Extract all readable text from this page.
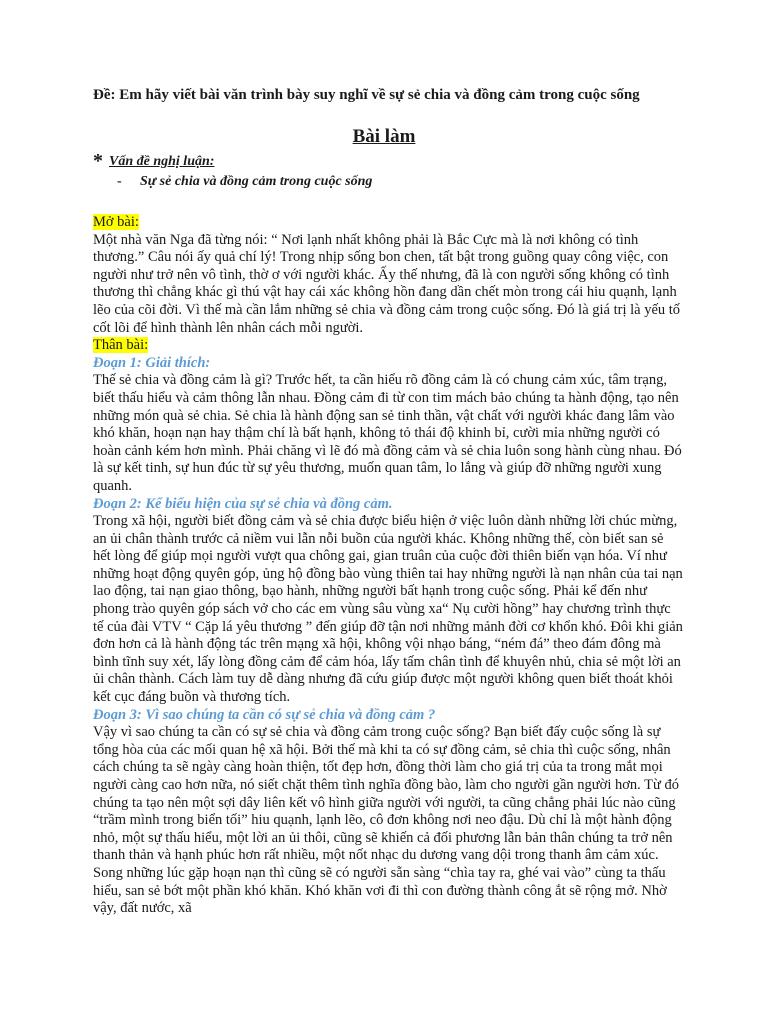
Đề: Em hãy viết bài văn trình bày suy nghĩ về sự sẻ chia và đồng cảm trong cuộc sống
Bài làm
* Vấn đề nghị luận:
- Sự sẻ chia và đồng cảm trong cuộc sống

Mở bài:

Một nhà văn Nga đã từng nói: “ Nơi lạnh nhất không phải là Bắc Cực mà là nơi không có tình thương.” Câu nói ấy quả chí lý! Trong nhịp sống bon chen, tất bật trong guồng quay công việc, con người như trở nên vô tình, thờ ơ với người khác. Ấy thế nhưng, đã là con người sống không có tình thương thì chẳng khác gì thú vật hay cái xác không hồn đang dần chết mòn trong cái hiu quạnh, lạnh lẽo của cõi đời. Vì thế mà cần lắm những sẻ chia và đồng cảm trong cuộc sống. Đó là giá trị là yếu tố cốt lõi để hình thành lên nhân cách mỗi người.

Thân bài:

Đoạn 1: Giải thích:

Thế sẻ chia và đồng cảm là gì? Trước hết, ta cần hiểu rõ đồng cảm là có chung cảm xúc, tâm trạng, biết thấu hiểu và cảm thông lẫn nhau. Đồng cảm đi từ con tim mách bảo chúng ta hành động, tạo nên những món quà sẻ chia. Sẻ chia là hành động san sẻ tinh thần, vật chất với người khác đang lâm vào khó khăn, hoạn nạn hay thậm chí là bất hạnh, không tỏ thái độ khinh bỉ, cười mỉa những người có hoàn cảnh kém hơn mình. Phải chăng vì lẽ đó mà đồng cảm và sẻ chia luôn song hành cùng nhau. Đó là sự kết tinh, sự hun đúc từ sự yêu thương, muốn quan tâm, lo lắng và giúp đỡ những người xung quanh.

Đoạn 2: Kể biểu hiện của sự sẻ chia và đồng cảm.

Trong xã hội, người biết đồng cảm và sẻ chia được biểu hiện ở việc luôn dành những lời chúc mừng, an ủi chân thành trước cả niềm vui lẫn nỗi buồn của người khác. Không những thế, còn biết san sẻ hết lòng để giúp mọi người vượt qua chông gai, gian truân của cuộc đời thiên biến vạn hóa. Ví như những hoạt động quyên góp, ủng hộ đồng bào vùng thiên tai hay những người là nạn nhân của tai nạn lao động, tai nạn giao thông, bạo hành, những người bất hạnh trong cuộc sống. Phải kể đến như phong trào quyên góp sách vở cho các em vùng sâu vùng xa“ Nụ cười hồng” hay chương trình thực tế của đài VTV “ Cặp lá yêu thương ” đến giúp đỡ tận nơi những mảnh đời cơ khổn khó. Đôi khi giản đơn hơn cả là hành động tác trên mạng xã hội, không vội nhạo báng, “ném đá” theo đám đông mà bình tĩnh suy xét, lấy lòng đồng cảm để cảm hóa, lấy tấm chân tình để khuyên nhủ, chia sẻ một lời an ủi chân thành. Cách làm tuy dễ dàng nhưng đã cứu giúp được một người không quen biết thoát khỏi kết cục đáng buồn và thương tích.

Đoạn 3: Vì sao chúng ta cần có sự sẻ chia và đồng cảm ?

Vậy vì sao chúng ta cần có sự sẻ chia và đồng cảm trong cuộc sống? Bạn biết đấy cuộc sống là sự tổng hòa của các mối quan hệ xã hội. Bởi thế mà khi ta có sự đồng cảm, sẻ chia thì cuộc sống, nhân cách chúng ta sẽ ngày càng hoàn thiện, tốt đẹp hơn, đồng thời làm cho giá trị của ta trong mắt mọi người càng cao hơn nữa, nó siết chặt thêm tình nghĩa đồng bào, làm cho người gần người hơn. Từ đó chúng ta tạo nên một sợi dây liên kết vô hình giữa người với người, ta cũng chẳng phải lúc nào cũng “trầm mình trong biển tối” hiu quạnh, lạnh lẽo, cô đơn không nơi neo đậu. Dù chỉ là một hành động nhỏ, một sự thấu hiểu, một lời an ủi thôi, cũng sẽ khiến cả đối phương lẫn bản thân chúng ta trở nên thanh thản và hạnh phúc hơn rất nhiều, một nốt nhạc du dương vang dội trong thanh âm cảm xúc. Song những lúc gặp hoạn nạn thì cũng sẽ có người sẵn sàng “chìa tay ra, ghé vai vào” cùng ta thấu hiểu, san sẻ bớt một phần khó khăn. Khó khăn vơi đi thì con đường thành công ắt sẽ rộng mở. Nhờ vậy, đất nước, xã
